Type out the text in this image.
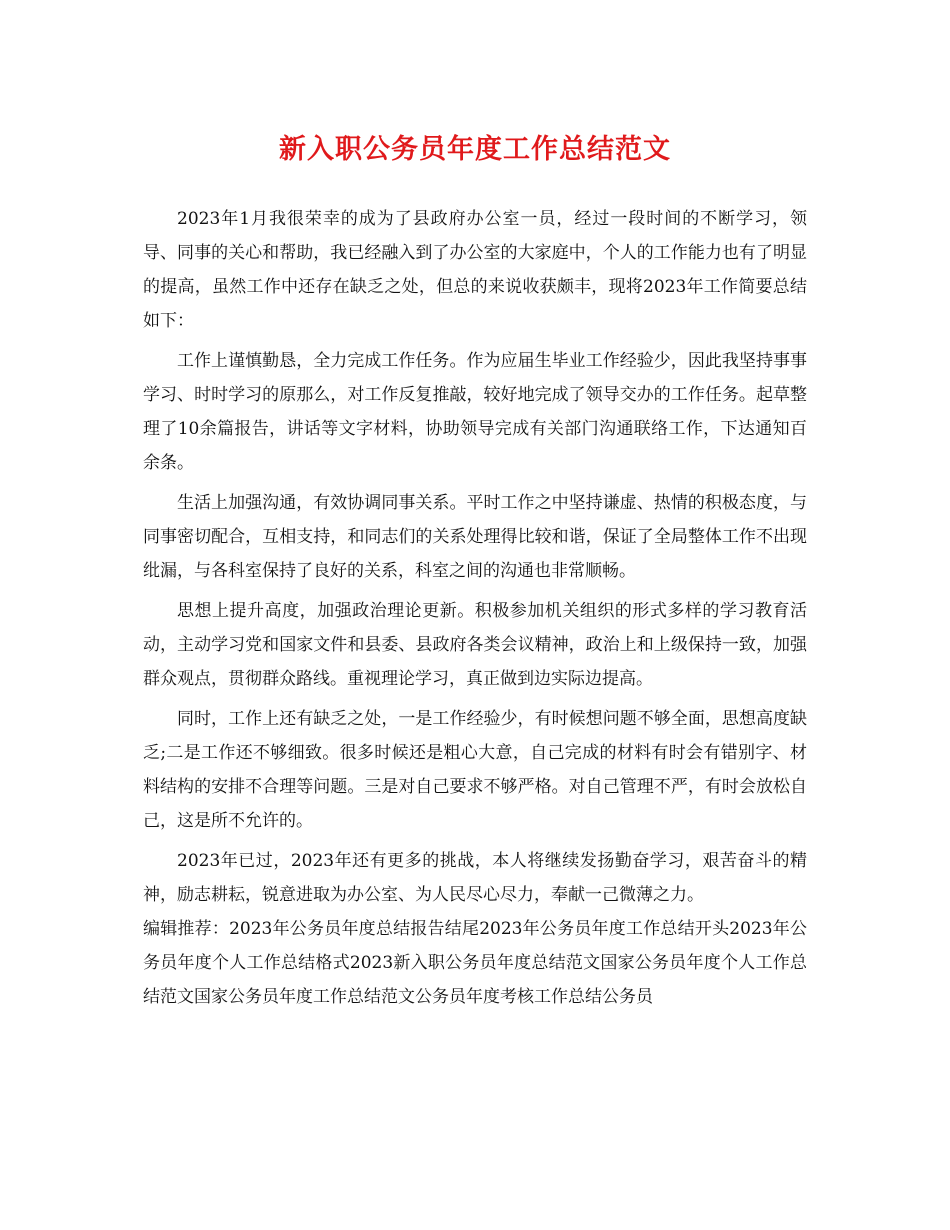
新入职公务员年度工作总结范文

2023年1月我很荣幸的成为了县政府办公室一员，经过一段时间的不断学习，领导、同事的关心和帮助，我已经融入到了办公室的大家庭中，个人的工作能力也有了明显的提高，虽然工作中还存在缺乏之处，但总的来说收获颇丰，现将2023年工作简要总结如下：

工作上谨慎勤恳，全力完成工作任务。作为应届生毕业工作经验少，因此我坚持事事学习、时时学习的原那么，对工作反复推敲，较好地完成了领导交办的工作任务。起草整理了10余篇报告，讲话等文字材料，协助领导完成有关部门沟通联络工作，下达通知百余条。

生活上加强沟通，有效协调同事关系。平时工作之中坚持谦虚、热情的积极态度，与同事密切配合，互相支持，和同志们的关系处理得比较和谐，保证了全局整体工作不出现纰漏，与各科室保持了良好的关系，科室之间的沟通也非常顺畅。

思想上提升高度，加强政治理论更新。积极参加机关组织的形式多样的学习教育活动，主动学习党和国家文件和县委、县政府各类会议精神，政治上和上级保持一致，加强群众观点，贯彻群众路线。重视理论学习，真正做到边实际边提高。

同时，工作上还有缺乏之处，一是工作经验少，有时候想问题不够全面，思想高度缺乏;二是工作还不够细致。很多时候还是粗心大意，自己完成的材料有时会有错别字、材料结构的安排不合理等问题。三是对自己要求不够严格。对自己管理不严，有时会放松自己，这是所不允许的。

2023年已过，2023年还有更多的挑战，本人将继续发扬勤奋学习，艰苦奋斗的精神，励志耕耘，锐意进取为办公室、为人民尽心尽力，奉献一己微薄之力。

编辑推荐：2023年公务员年度总结报告结尾2023年公务员年度工作总结开头2023年公务员年度个人工作总结格式2023新入职公务员年度总结范文国家公务员年度个人工作总结范文国家公务员年度工作总结范文公务员年度考核工作总结公务员
